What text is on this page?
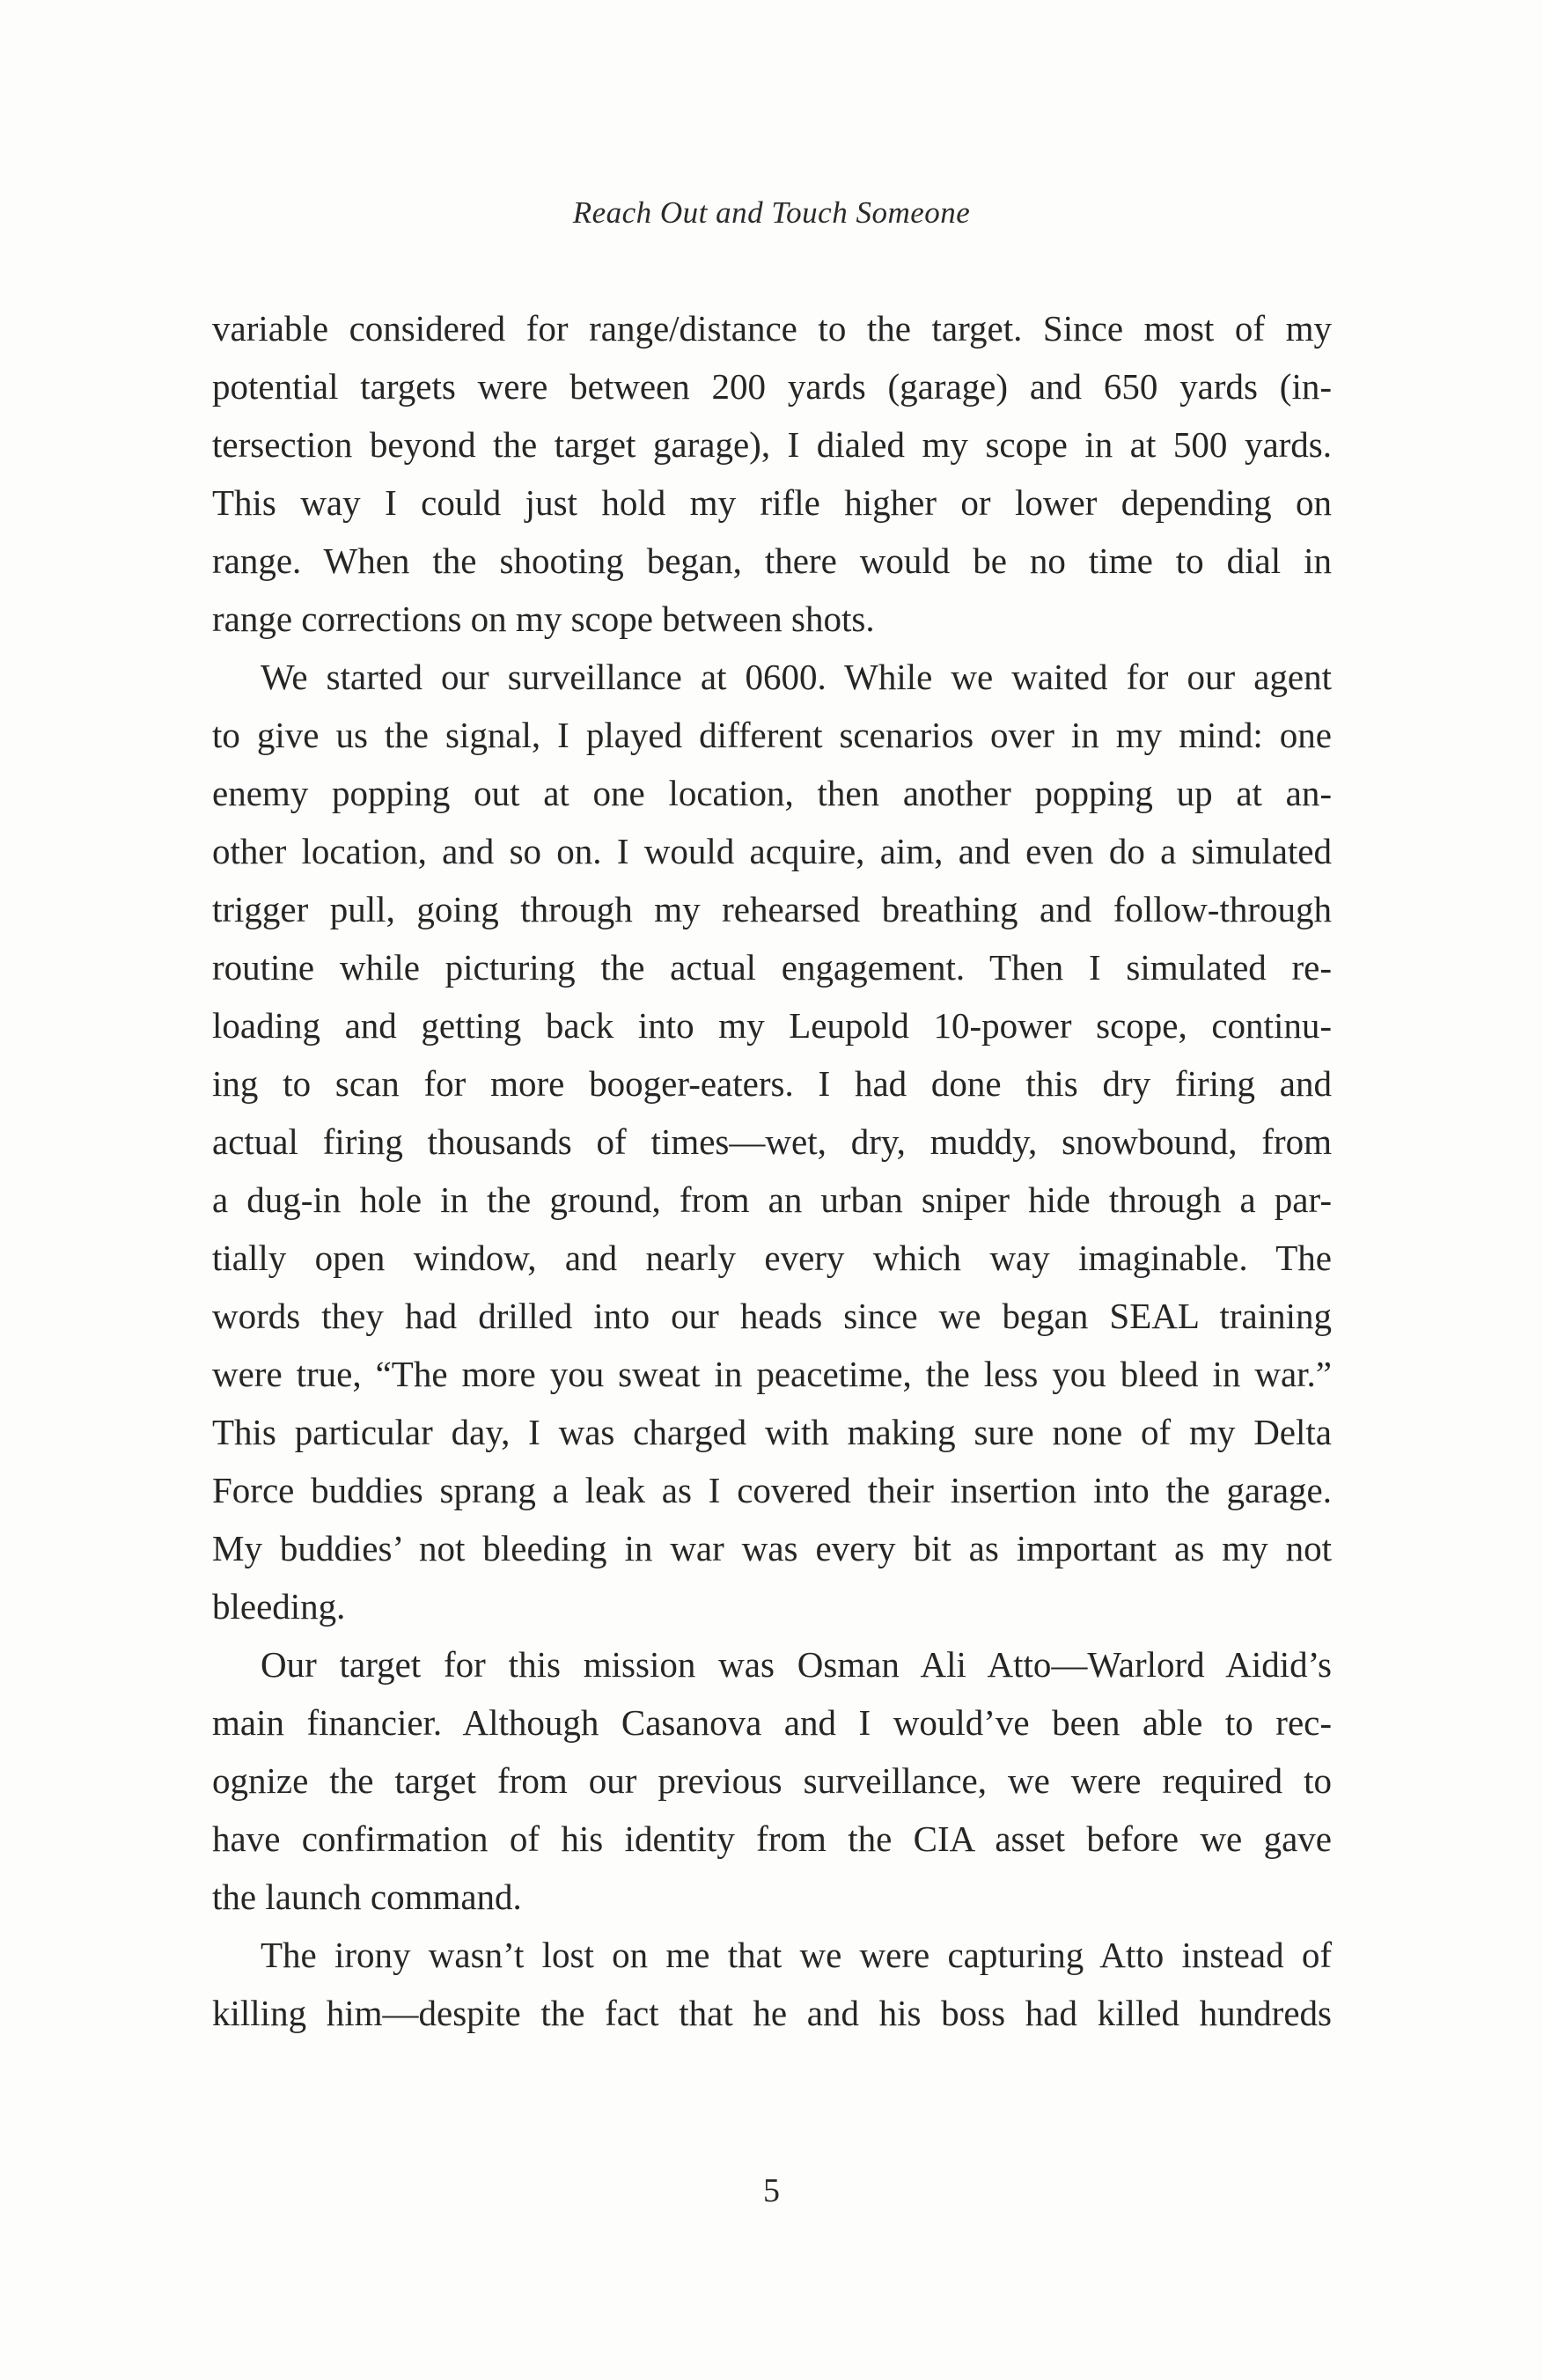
Reach Out and Touch Someone
variable considered for range/distance to the target. Since most of my
potential targets were between 200 yards (garage) and 650 yards (in-
tersection beyond the target garage), I dialed my scope in at 500 yards.
This way I could just hold my rifle higher or lower depending on
range. When the shooting began, there would be no time to dial in
range corrections on my scope between shots.
We started our surveillance at 0600. While we waited for our agent
to give us the signal, I played different scenarios over in my mind: one
enemy popping out at one location, then another popping up at an-
other location, and so on. I would acquire, aim, and even do a simulated
trigger pull, going through my rehearsed breathing and follow-through
routine while picturing the actual engagement. Then I simulated re-
loading and getting back into my Leupold 10-power scope, continu-
ing to scan for more booger-eaters. I had done this dry firing and
actual firing thousands of times—wet, dry, muddy, snowbound, from
a dug-in hole in the ground, from an urban sniper hide through a par-
tially open window, and nearly every which way imaginable. The
words they had drilled into our heads since we began SEAL training
were true, “The more you sweat in peacetime, the less you bleed in war.”
This particular day, I was charged with making sure none of my Delta
Force buddies sprang a leak as I covered their insertion into the garage.
My buddies’ not bleeding in war was every bit as important as my not
bleeding.
Our target for this mission was Osman Ali Atto—Warlord Aidid’s
main financier. Although Casanova and I would’ve been able to rec-
ognize the target from our previous surveillance, we were required to
have confirmation of his identity from the CIA asset before we gave
the launch command.
The irony wasn’t lost on me that we were capturing Atto instead of
killing him—despite the fact that he and his boss had killed hundreds
5
